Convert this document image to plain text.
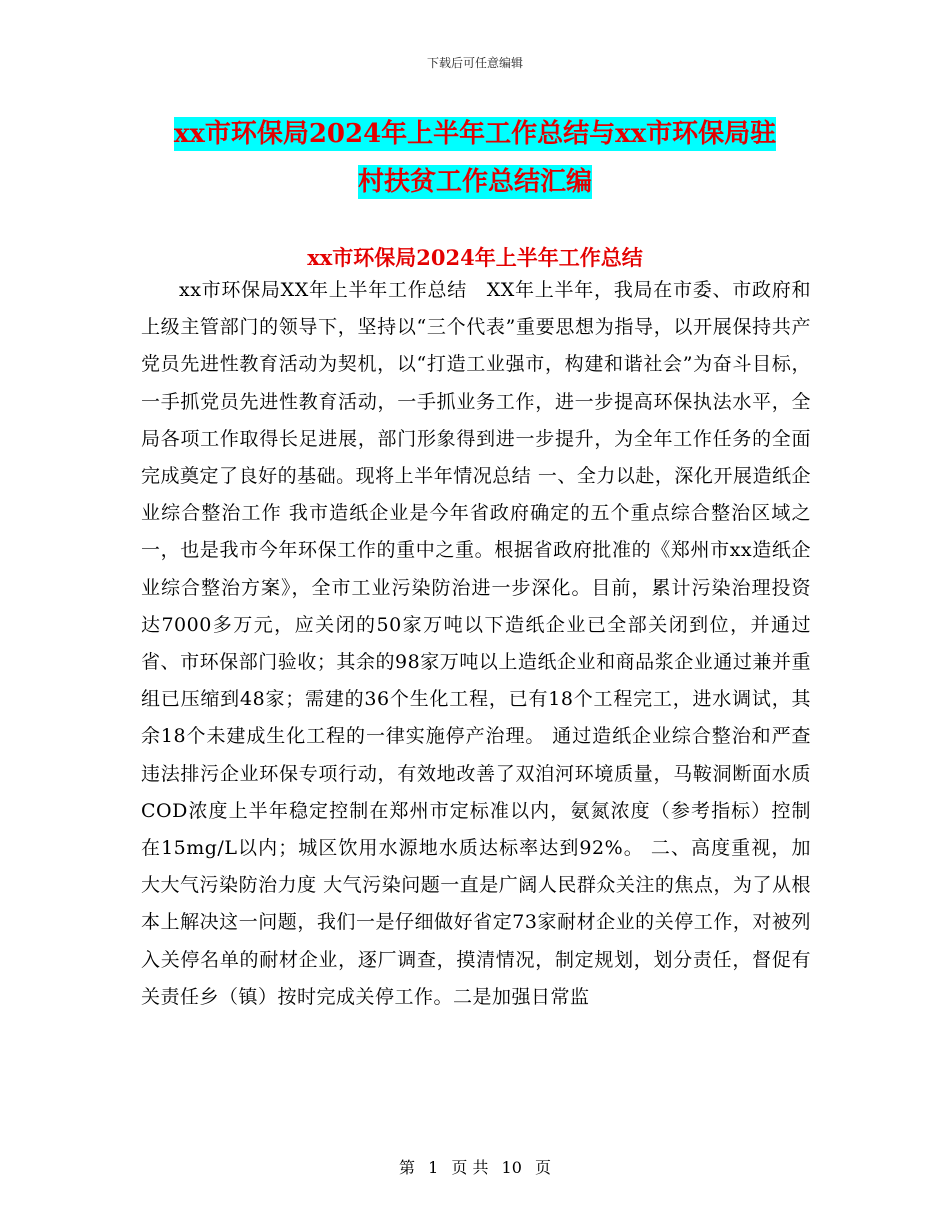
下载后可任意编辑
xx市环保局2024年上半年工作总结与xx市环保局驻
村扶贫工作总结汇编
xx市环保局2024年上半年工作总结

xx市环保局XX年上半年工作总结　XX年上半年，我局在市委、市政府和上级主管部门的领导下，坚持以“三个代表”重要思想为指导，以开展保持共产党员先进性教育活动为契机，以“打造工业强市，构建和谐社会”为奋斗目标，一手抓党员先进性教育活动，一手抓业务工作，进一步提高环保执法水平，全局各项工作取得长足进展，部门形象得到进一步提升，为全年工作任务的全面完成奠定了良好的基础。现将上半年情况总结 一、全力以赴，深化开展造纸企业综合整治工作 我市造纸企业是今年省政府确定的五个重点综合整治区域之一，也是我市今年环保工作的重中之重。根据省政府批准的《郑州市xx造纸企业综合整治方案》，全市工业污染防治进一步深化。目前，累计污染治理投资达7000多万元，应关闭的50家万吨以下造纸企业已全部关闭到位，并通过省、市环保部门验收；其余的98家万吨以上造纸企业和商品浆企业通过兼并重组已压缩到48家；需建的36个生化工程，已有18个工程完工，进水调试，其余18个未建成生化工程的一律实施停产治理。 通过造纸企业综合整治和严查违法排污企业环保专项行动，有效地改善了双洎河环境质量，马鞍洞断面水质COD浓度上半年稳定控制在郑州市定标准以内，氨氮浓度（参考指标）控制在15mg/L以内；城区饮用水源地水质达标率达到92%。 二、高度重视，加大大气污染防治力度 大气污染问题一直是广阔人民群众关注的焦点，为了从根本上解决这一问题，我们一是仔细做好省定73家耐材企业的关停工作，对被列入关停名单的耐材企业，逐厂调查，摸清情况，制定规划，划分责任，督促有关责任乡（镇）按时完成关停工作。二是加强日常监

第 1 页 共 10 页
